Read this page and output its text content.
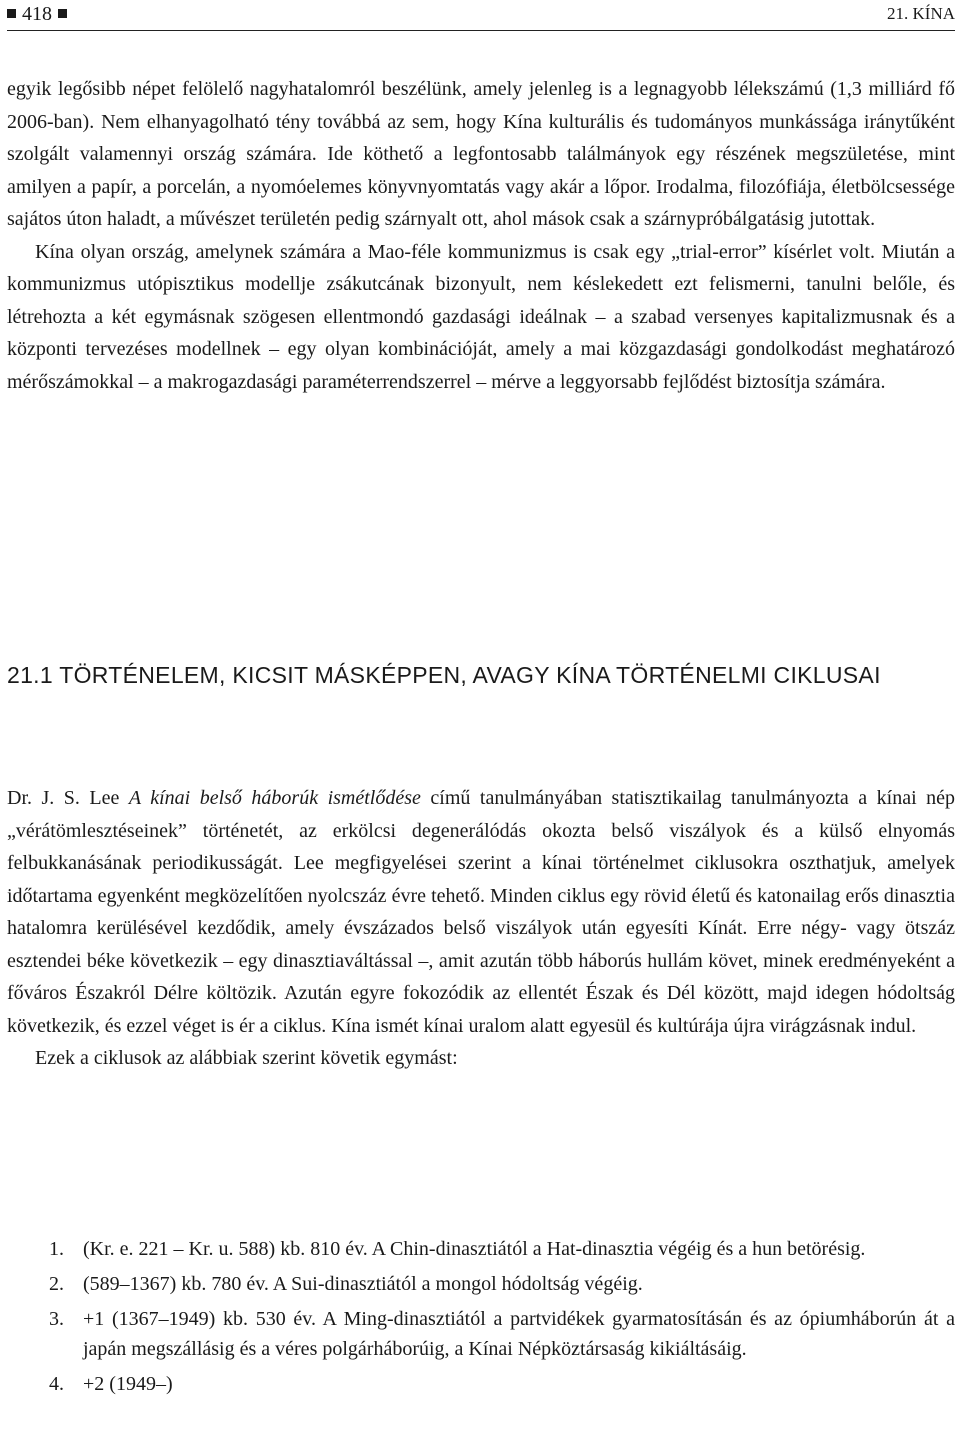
418	21. KÍNA

egyik legősibb népet felölelő nagyhatalomról beszélünk, amely jelenleg is a legnagyobb lélekszámú (1,3 milliárd fő 2006-ban). Nem elhanyagolható tény továbbá az sem, hogy Kína kulturális és tudományos munkássága iránytűként szolgált valamennyi ország számára. Ide köthető a legfontosabb találmányok egy részének megszületése, mint amilyen a papír, a porcelán, a nyomóelemes könyvnyomtatás vagy akár a lőpor. Irodalma, filozófiája, életbölcsessége sajátos úton haladt, a művészet területén pedig szárnyalt ott, ahol mások csak a szárnypróbálgatásig jutottak.

Kína olyan ország, amelynek számára a Mao-féle kommunizmus is csak egy „trial-error” kísérlet volt. Miután a kommunizmus utópisztikus modellje zsákutcának bizonyult, nem késlekedett ezt felismerni, tanulni belőle, és létrehozta a két egymásnak szögesen ellentmondó gazdasági ideálnak – a szabad versenyes kapitalizmusnak és a központi tervezéses modellnek – egy olyan kombinációját, amely a mai közgazdasági gondolkodást meghatározó mérőszámokkal – a makrogazdasági paraméterrendszerrel – mérve a leggyorsabb fejlődést biztosítja számára.

21.1 TÖRTÉNELEM, KICSIT MÁSKÉPPEN, AVAGY KÍNA TÖRTÉNELMI CIKLUSAI

Dr. J. S. Lee A kínai belső háborúk ismétlődése című tanulmányában statisztikailag tanulmányozta a kínai nép „vérátömlesztéseinek” történetét, az erkölcsi degenerálódás okozta belső viszályok és a külső elnyomás felbukkanásának periodikusságát. Lee megfigyelései szerint a kínai történelmet ciklusokra oszthatjuk, amelyek időtartama egyenként megközelítően nyolcszáz évre tehető. Minden ciklus egy rövid életű és katonailag erős dinasztia hatalomra kerülésével kezdődik, amely évszázados belső viszályok után egyesíti Kínát. Erre négy- vagy ötszáz esztendei béke következik – egy dinasztiaváltással –, amit azután több háborús hullám követ, minek eredményeként a főváros Északról Délre költözik. Azután egyre fokozódik az ellentét Észak és Dél között, majd idegen hódoltság következik, és ezzel véget is ér a ciklus. Kína ismét kínai uralom alatt egyesül és kultúrája újra virágzásnak indul.

Ezek a ciklusok az alábbiak szerint követik egymást:

1. (Kr. e. 221 – Kr. u. 588) kb. 810 év. A Chin-dinasztiától a Hat-dinasztia végéig és a hun betörésig.
2. (589–1367) kb. 780 év. A Sui-dinasztiától a mongol hódoltság végéig.
3. +1 (1367–1949) kb. 530 év. A Ming-dinasztiától a partvidékek gyarmatosításán és az ópiumháborún át a japán megszállásig és a véres polgárháborúig, a Kínai Népköztársaság kikiáltásáig.
4. +2 (1949–)
